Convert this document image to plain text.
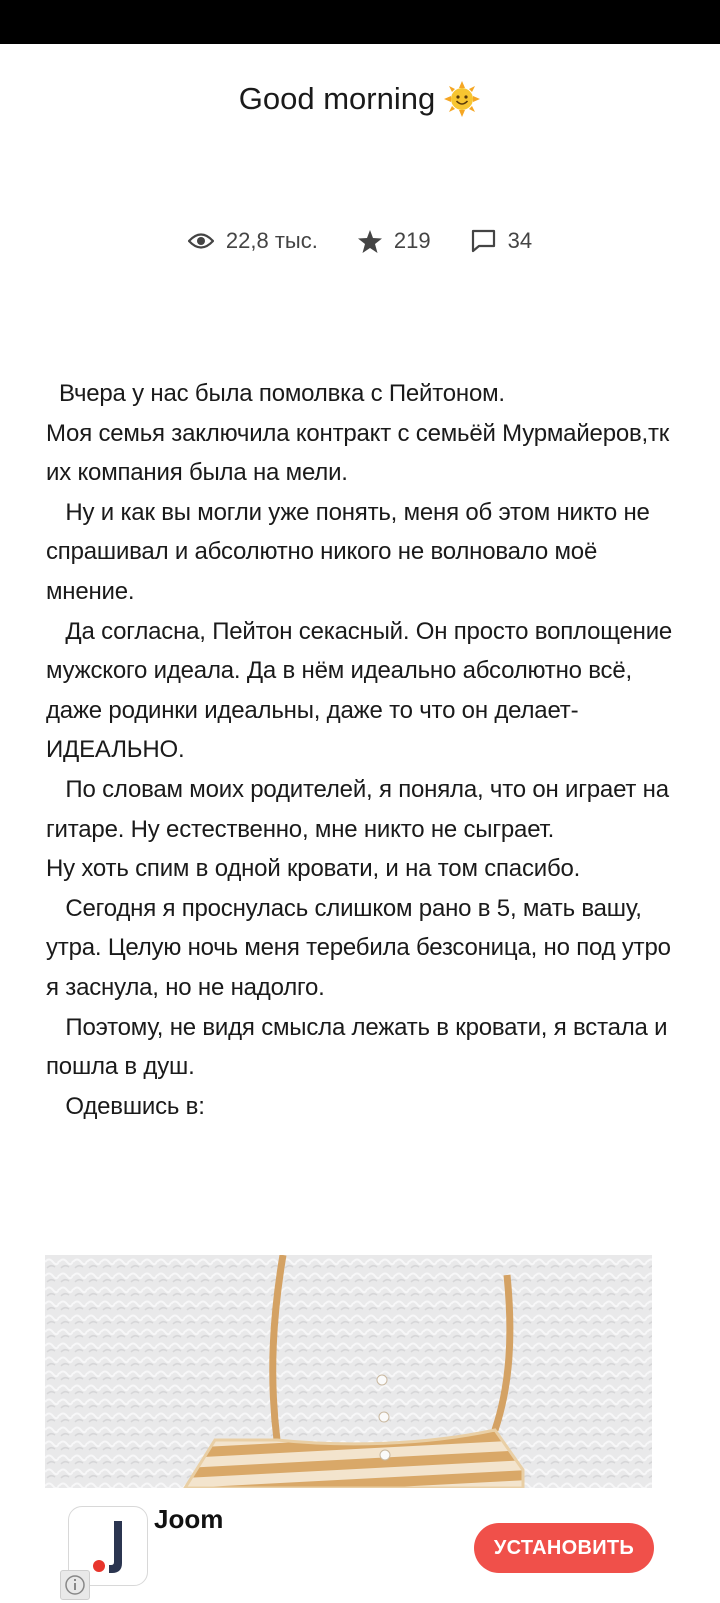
Good morning
22,8 тыс.	219	34

Вчера у нас была помолвка с Пейтоном.
Моя семья заключила контракт с семьёй Мурмайеров,тк их компания была на мели.

Ну и как вы могли уже понять, меня об этом никто не спрашивал и абсолютно никого не волновало моё мнение.

Да согласна, Пейтон секасный. Он просто воплощение мужского идеала. Да в нём идеально абсолютно всё, даже родинки идеальны, даже то что он делает- ИДЕАЛЬНО.

По словам моих родителей, я поняла, что он играет на гитаре. Ну естественно, мне никто не сыграет.
Ну хоть спим в одной кровати, и на том спасибо.

Сегодня я проснулась слишком рано в 5, мать вашу, утра. Целую ночь меня теребила безсоница, но под утро я заснула, но не надолго.

Поэтому, не видя смысла лежать в кровати, я встала и пошла в душ.

Одевшись в:

Joom
УСТАНОВИТЬ
